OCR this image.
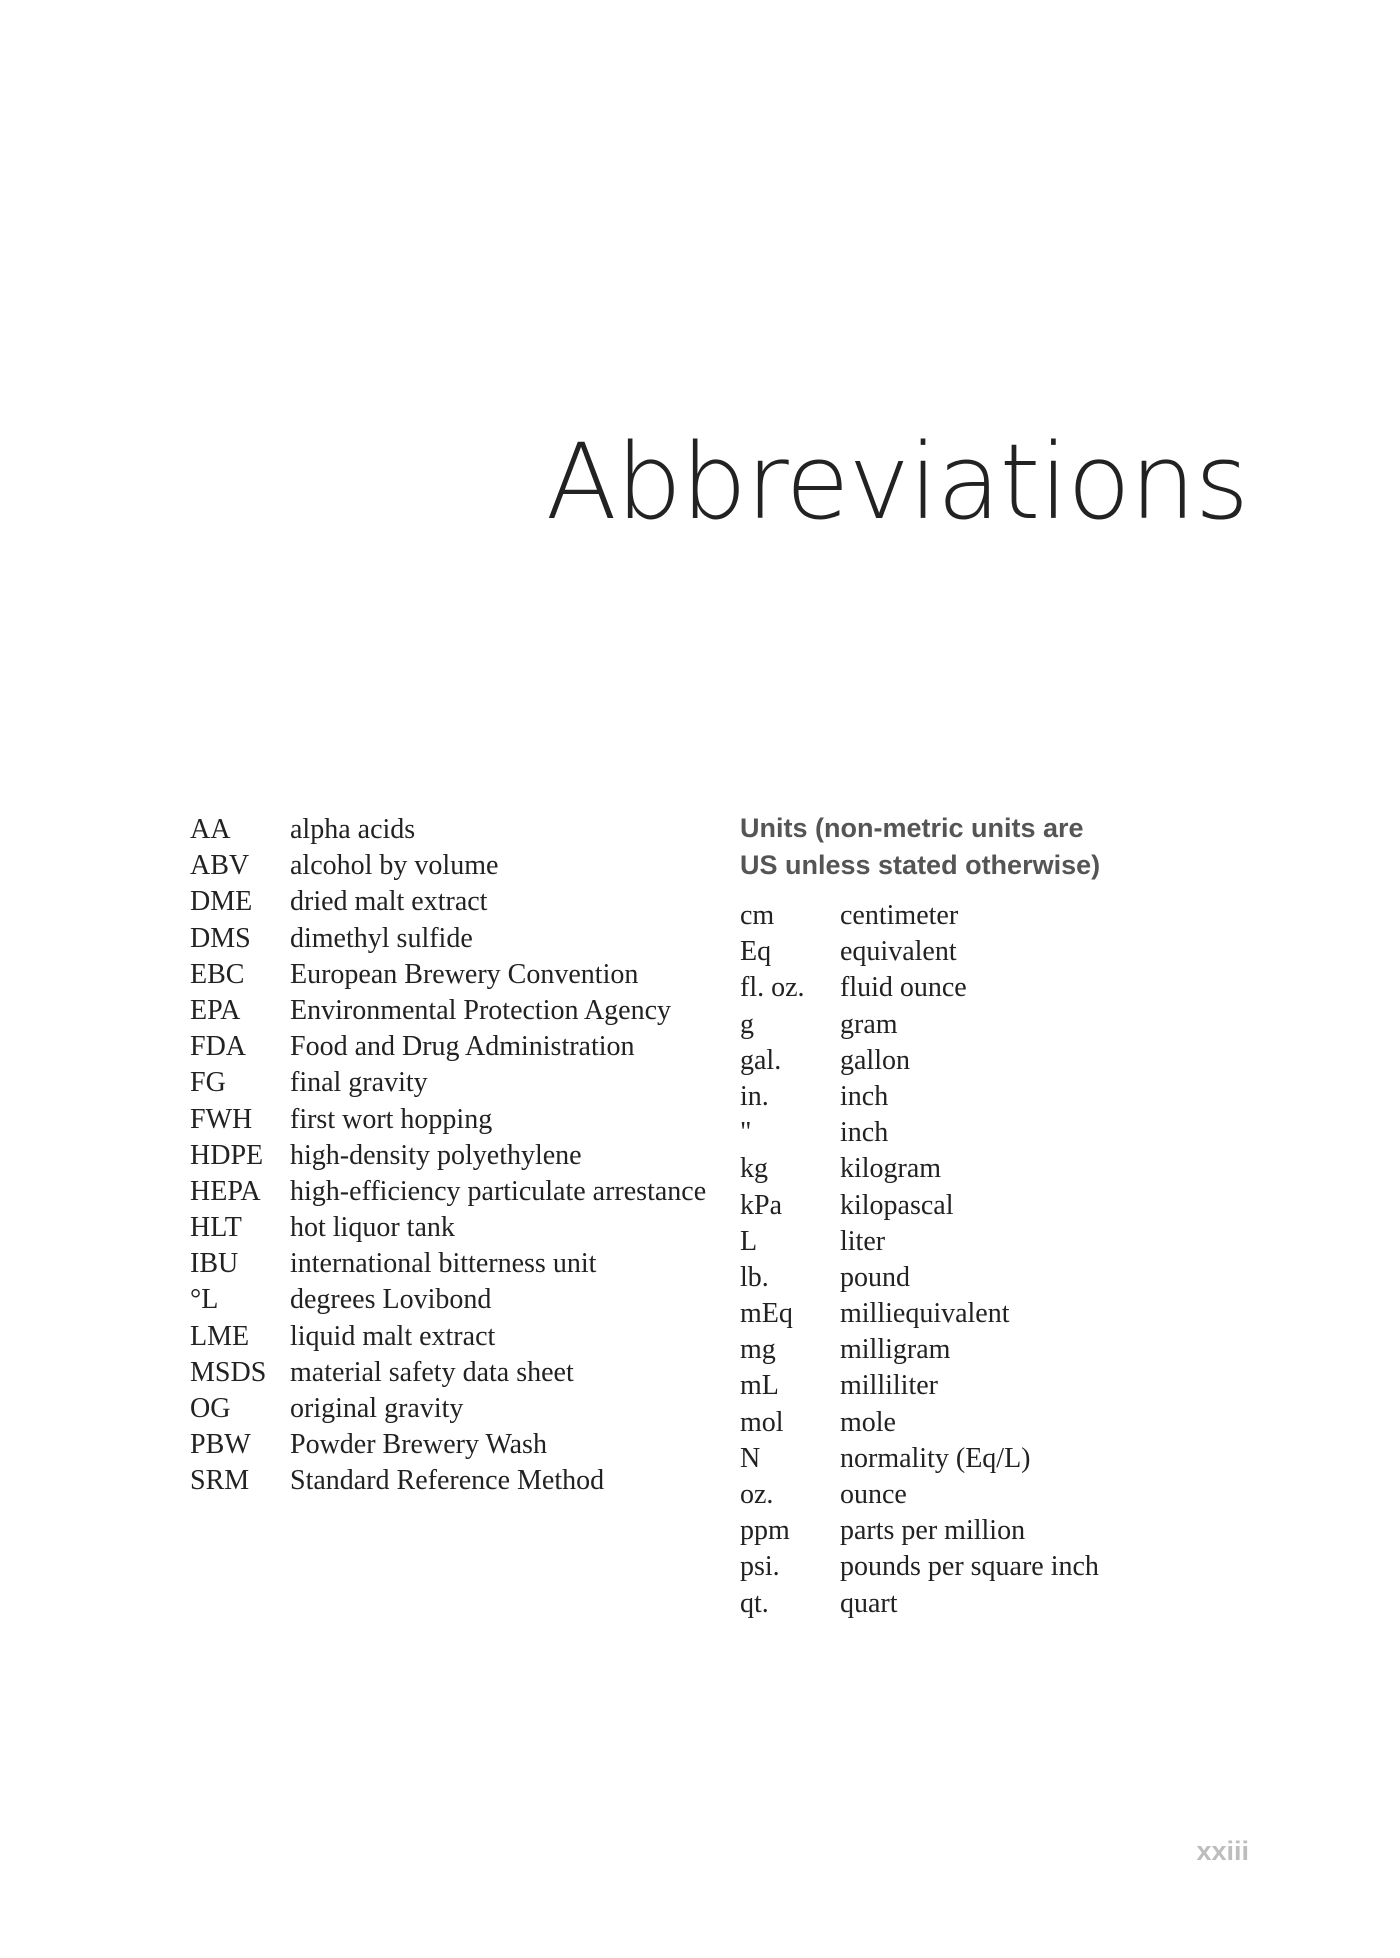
Abbreviations
AA	alpha acids
ABV	alcohol by volume
DME	dried malt extract
DMS	dimethyl sulfide
EBC	European Brewery Convention
EPA	Environmental Protection Agency
FDA	Food and Drug Administration
FG	final gravity
FWH	first wort hopping
HDPE high-density polyethylene
HEPA	high-efficiency particulate arrestance
HLT	hot liquor tank
IBU	international bitterness unit
°L	degrees Lovibond
LME	liquid malt extract
MSDS material safety data sheet
OG	original gravity
PBW	Powder Brewery Wash
SRM	Standard Reference Method
Units (non-metric units are
US unless stated otherwise)
cm	centimeter
Eq	equivalent
fl. oz.	fluid ounce
g	gram
gal.	gallon
in.	inch
"	inch
kg	kilogram
kPa	kilopascal
L	liter
lb.	pound
mEq	milliequivalent
mg	milligram
mL	milliliter
mol	mole
N	normality (Eq/L)
oz.	ounce
ppm	parts per million
psi.	pounds per square inch
qt.	quart
xxiii
